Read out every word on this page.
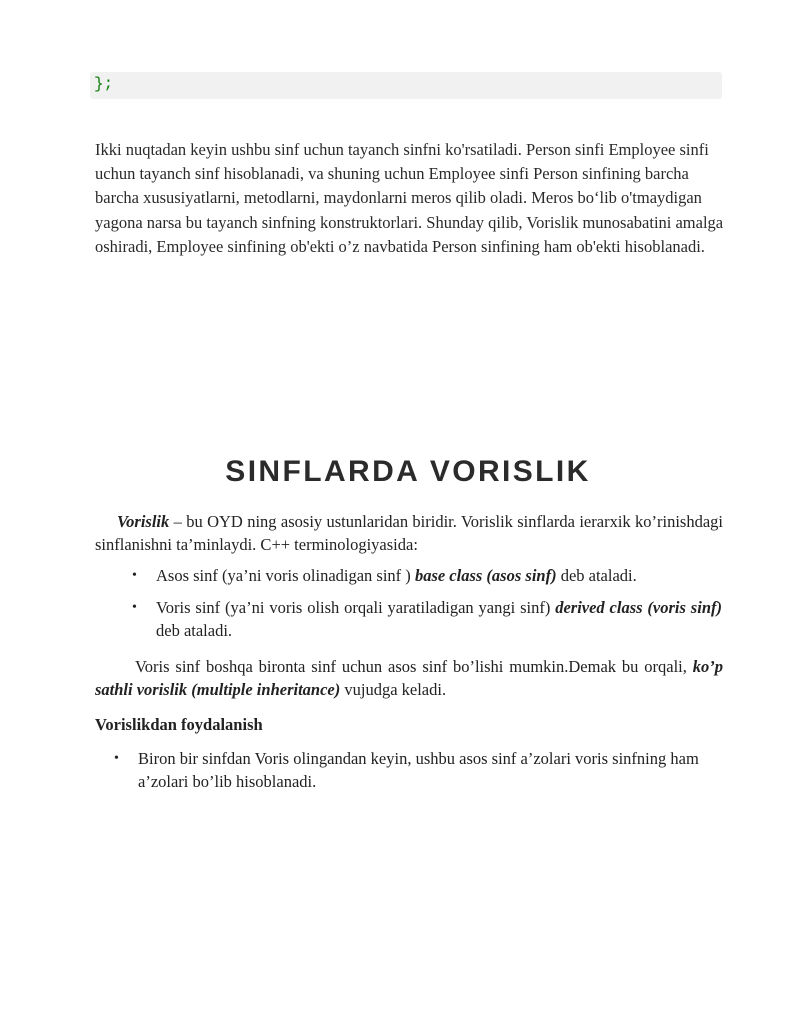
};

Ikki nuqtadan keyin ushbu sinf uchun tayanch sinfni ko'rsatiladi. Person sinfi Employee sinfi uchun tayanch sinf hisoblanadi, va shuning uchun Employee sinfi Person sinfining barcha barcha xususiyatlarni, metodlarni, maydonlarni meros qilib oladi. Meros bo‘lib o'tmaydigan yagona narsa bu tayanch sinfning konstruktorlari. Shunday qilib, Vorislik munosabatini amalga oshiradi, Employee sinfining ob'ekti o’z navbatida Person sinfining ham ob'ekti hisoblanadi.

SINFLARDA VORISLIK

Vorislik – bu OYD ning asosiy ustunlaridan biridir. Vorislik sinflarda ierarxik ko’rinishdagi sinflanishni ta’minlaydi. C++ terminologiyasida:

• Asos sinf (ya’ni voris olinadigan sinf ) base class (asos sinf) deb ataladi.
• Voris sinf (ya’ni voris olish orqali yaratiladigan yangi sinf) derived class (voris sinf) deb ataladi.

Voris sinf boshqa bironta sinf uchun asos sinf bo’lishi mumkin.Demak bu orqali, ko’p sathli vorislik (multiple inheritance) vujudga keladi.

Vorislikdan foydalanish
• Biron bir sinfdan Voris olingandan keyin, ushbu asos sinf a’zolari voris sinfning ham a’zolari bo’lib hisoblanadi.
